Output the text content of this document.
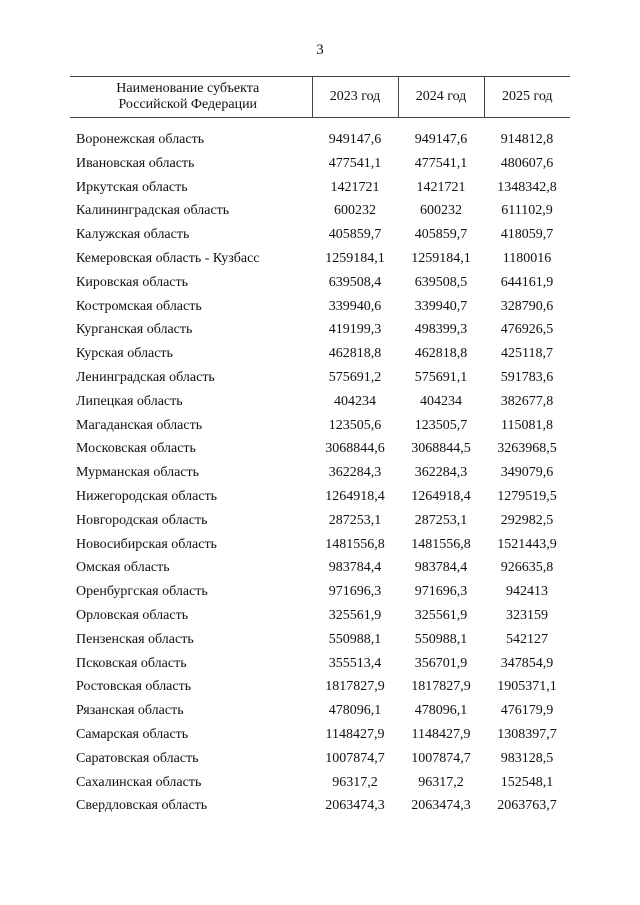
3
Наименование субъекта
Российской Федерации	2023 год	2024 год	2025 год

Воронежская область	949147,6	949147,6	914812,8
Ивановская область	477541,1	477541,1	480607,6
Иркутская область	1421721	1421721	1348342,8
Калининградская область	600232	600232	611102,9
Калужская область	405859,7	405859,7	418059,7
Кемеровская область - Кузбасс	1259184,1	1259184,1	1180016
Кировская область	639508,4	639508,5	644161,9
Костромская область	339940,6	339940,7	328790,6
Курганская область	419199,3	498399,3	476926,5
Курская область	462818,8	462818,8	425118,7
Ленинградская область	575691,2	575691,1	591783,6
Липецкая область	404234	404234	382677,8
Магаданская область	123505,6	123505,7	115081,8
Московская область	3068844,6	3068844,5	3263968,5
Мурманская область	362284,3	362284,3	349079,6
Нижегородская область	1264918,4	1264918,4	1279519,5
Новгородская область	287253,1	287253,1	292982,5
Новосибирская область	1481556,8	1481556,8	1521443,9
Омская область	983784,4	983784,4	926635,8
Оренбургская область	971696,3	971696,3	942413
Орловская область	325561,9	325561,9	323159
Пензенская область	550988,1	550988,1	542127
Псковская область	355513,4	356701,9	347854,9
Ростовская область	1817827,9	1817827,9	1905371,1
Рязанская область	478096,1	478096,1	476179,9
Самарская область	1148427,9	1148427,9	1308397,7
Саратовская область	1007874,7	1007874,7	983128,5
Сахалинская область	96317,2	96317,2	152548,1
Свердловская область	2063474,3	2063474,3	2063763,7
